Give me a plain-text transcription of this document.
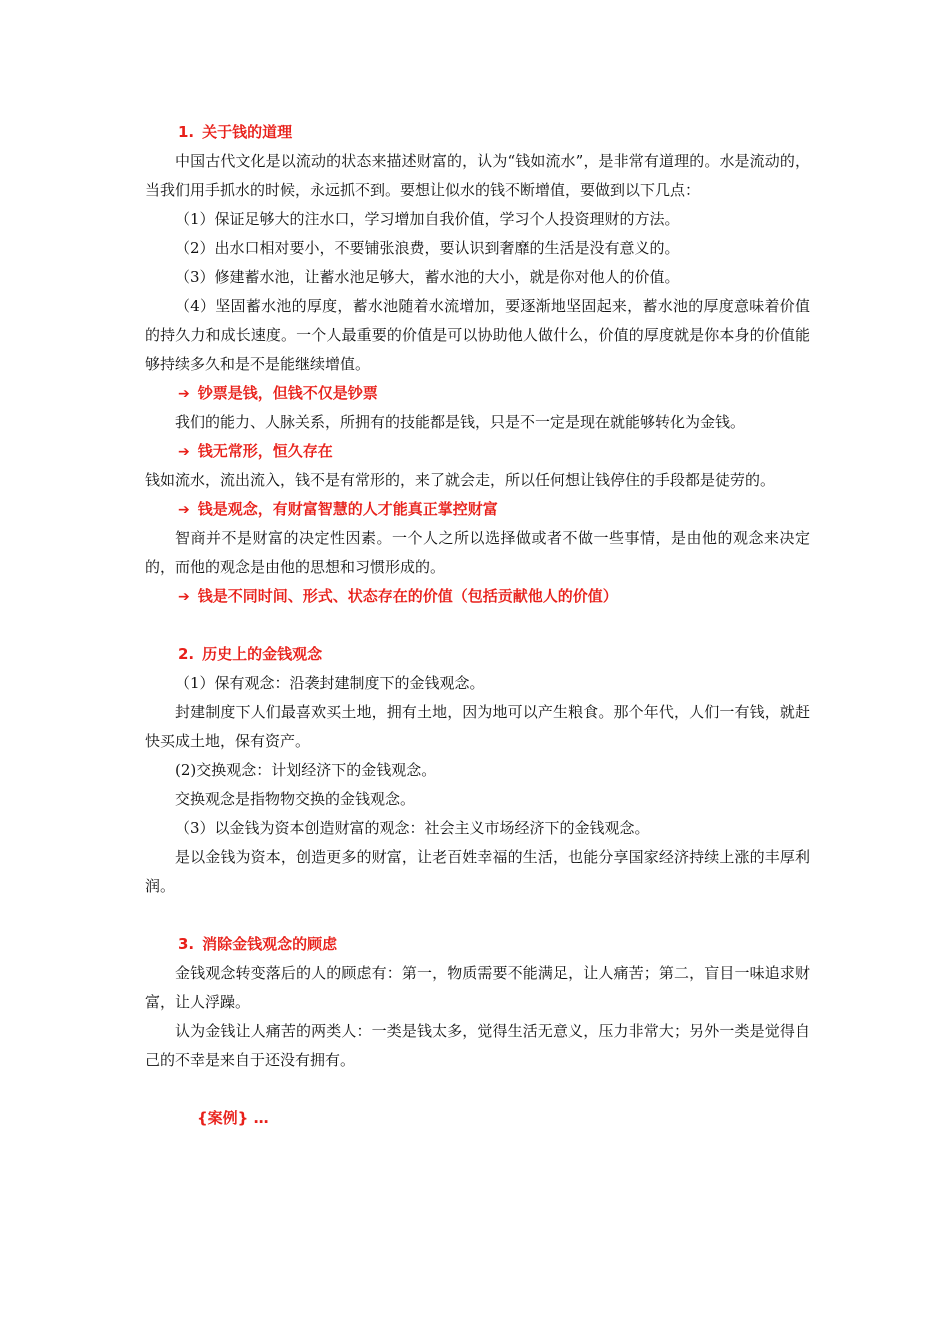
1. 关于钱的道理

中国古代文化是以流动的状态来描述财富的，认为“钱如流水”，是非常有道理的。水是流动的，当我们用手抓水的时候，永远抓不到。要想让似水的钱不断增值，要做到以下几点：

（1）保证足够大的注水口，学习增加自我价值，学习个人投资理财的方法。

（2）出水口相对要小，不要铺张浪费，要认识到奢靡的生活是没有意义的。

（3）修建蓄水池，让蓄水池足够大，蓄水池的大小，就是你对他人的价值。

（4）坚固蓄水池的厚度，蓄水池随着水流增加，要逐渐地坚固起来，蓄水池的厚度意味着价值的持久力和成长速度。一个人最重要的价值是可以协助他人做什么，价值的厚度就是你本身的价值能够持续多久和是不是能继续增值。

➔ 钞票是钱，但钱不仅是钞票

我们的能力、人脉关系，所拥有的技能都是钱，只是不一定是现在就能够转化为金钱。

➔ 钱无常形，恒久存在

钱如流水，流出流入，钱不是有常形的，来了就会走，所以任何想让钱停住的手段都是徒劳的。

➔ 钱是观念，有财富智慧的人才能真正掌控财富

智商并不是财富的决定性因素。一个人之所以选择做或者不做一些事情，是由他的观念来决定的，而他的观念是由他的思想和习惯形成的。

➔ 钱是不同时间、形式、状态存在的价值（包括贡献他人的价值）
2. 历史上的金钱观念

（1）保有观念：沿袭封建制度下的金钱观念。

封建制度下人们最喜欢买土地，拥有土地，因为地可以产生粮食。那个年代，人们一有钱，就赶快买成土地，保有资产。

(2)交换观念：计划经济下的金钱观念。

交换观念是指物物交换的金钱观念。

（3）以金钱为资本创造财富的观念：社会主义市场经济下的金钱观念。

是以金钱为资本，创造更多的财富，让老百姓幸福的生活，也能分享国家经济持续上涨的丰厚利润。

3. 消除金钱观念的顾虑

金钱观念转变落后的人的顾虑有：第一，物质需要不能满足，让人痛苦；第二，盲目一味追求财富，让人浮躁。

认为金钱让人痛苦的两类人：一类是钱太多，觉得生活无意义，压力非常大；另外一类是觉得自己的不幸是来自于还没有拥有。

{案例} …
